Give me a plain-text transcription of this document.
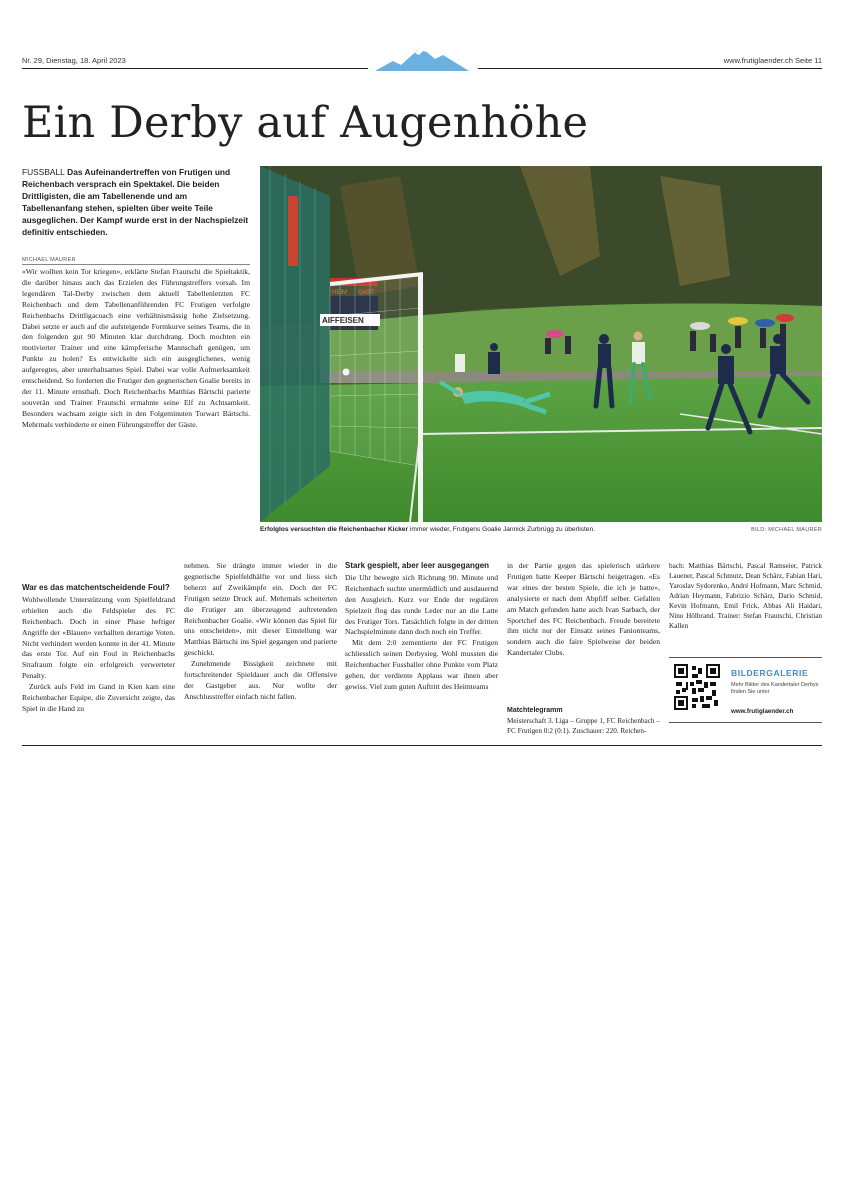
Nr. 29, Dienstag, 18. April 2023	www.frutiglaender.ch Seite 11
Ein Derby auf Augenhöhe
FUSSBALL Das Aufeinandertreffen von Frutigen und Reichenbach versprach ein Spektakel. Die beiden Drittligisten, die am Tabellenende und am Tabellenanfang stehen, spielten über weite Teile ausgeglichen. Der Kampf wurde erst in der Nachspielzeit definitiv entschieden.
MICHAEL MAURER

«Wir wollten kein Tor kriegen», erklärte Stefan Frautschi die Spieltaktik, die darüber hinaus auch das Erzielen des Führungstreffers vorsah. Im legendären Tal-Derby zwischen dem aktuell Tabellenletzten FC Reichenbach und dem Tabellenanführenden FC Frutigen verfolgte Reichenbachs Drittligacoach eine verhältnismässig hohe Zielsetzung. Dabei setzte er auch auf die aufsteigende Formkurve seines Teams, die in den folgenden gut 90 Minuten klar durchdrang. Doch mochten ein motivierter Trainer und eine kämpferische Mannschaft genügen, um Punkte zu holen? Es entwickelte sich ein ausgeglichenes, wenig aufgeregtes, aber unterhaltsames Spiel. Dabei war volle Aufmerksamkeit entscheidend. So forderten die Frutiger den gegnerischen Goalie bereits in der 11. Minute ernsthaft. Doch Reichenbachs Matthias Bärtschi parierte souverän und Trainer Frautschi ermahnte seine Elf zu Achtsamkeit. Besonders wachsam zeigte sich in den Folgeminuten Torwart Bärtschi. Mehrmals verhinderte er einen Führungstreffer der Gäste.

War es das matchentscheidende Foul?

Wohlwollende Unterstützung vom Spielfeldrand erhielten auch die Feldspieler des FC Reichenbach. Doch in einer Phase heftiger Angriffe der «Blauen» verhallten derartige Voten. Nicht verhindert werden konnte in der 41. Minute das erste Tor. Auf ein Foul in Reichenbachs Strafraum folgte ein erfolgreich verwerteter Penalty.

Zurück aufs Feld im Gand in Kien kam eine Reichenbacher Equipe, die Zuversicht zeigte, das Spiel in die Hand zu

HEIM GAST
AIFFEISEN
Erfolglos versuchten die Reichenbacher Kicker immer wieder, Frutigens Goalie Jannick Zurbrügg zu überlisten.	BILD: MICHAEL MAURER

nehmen. Sie drängte immer wieder in die gegnerische Spielfeldhälfte vor und liess sich beherzt auf Zweikämpfe ein. Doch der FC Frutigen setzte Druck auf. Mehrmals scheiterten die Frutiger am überzeugend auftretenden Reichenbacher Goalie. «Wir können das Spiel für uns entscheiden», mit dieser Einstellung war Matthias Bärtschi ins Spiel gegangen und parierte geschickt.

Zunehmende Bissigkeit zeichnete mit fortschreitender Spieldauer auch die Offensive der Gastgeber aus. Nur wollte der Anschlusstreffer einfach nicht fallen.

Stark gespielt, aber leer ausgegangen

Die Uhr bewegte sich Richtung 90. Minute und Reichenbach suchte unermüdlich und ausdauernd den Ausgleich. Kurz vor Ende der regulären Spielzeit flog das runde Leder nur an die Latte des Frutiger Tors. Tatsächlich folgte in der dritten Nachspielminute dann doch noch ein Treffer.

Mit dem 2:0 zementierte der FC Frutigen schliesslich seinen Derbysieg. Wohl mussten die Reichenbacher Fussballer ohne Punkte vom Platz gehen, der verdiente Applaus war ihnen aber gewiss. Viel zum guten Auftritt des Heimteams

in der Partie gegen das spielerisch stärkere Frutigen hatte Keeper Bärtschi beigetragen. «Es war eines der besten Spiele, die ich je hatte», analysierte er nach dem Abpfiff selber. Gefallen am Match gefunden hatte auch Ivan Sarbach, der Sportchef des FC Reichenbach. Freude bereitete ihm nicht nur der Einsatz seines Fanionteams, sondern auch die faire Spielweise der beiden Kandertaler Clubs.

Matchtelegramm

Meisterschaft 3. Liga – Gruppe 1, FC Reichenbach – FC Frutigen 0:2 (0:1). Zuschauer: 220. Reichen-

bach: Matthias Bärtschi, Pascal Ramseier, Patrick Lauener, Pascal Schmutz, Dean Schärz, Fabian Hari, Yaroslav Sydorenko, André Hofmann, Marc Schmid, Adrian Heymann, Fabrizio Schärz, Dario Schmid, Kevin Hofmann, Emil Frick, Abbas Ali Haidari, Nino Hölbrand. Trainer: Stefan Frautschi, Christian Kallen

BILDERGALERIE
Mehr Bilder des Kandertaler Derbys finden Sie unter
www.frutiglaender.ch
